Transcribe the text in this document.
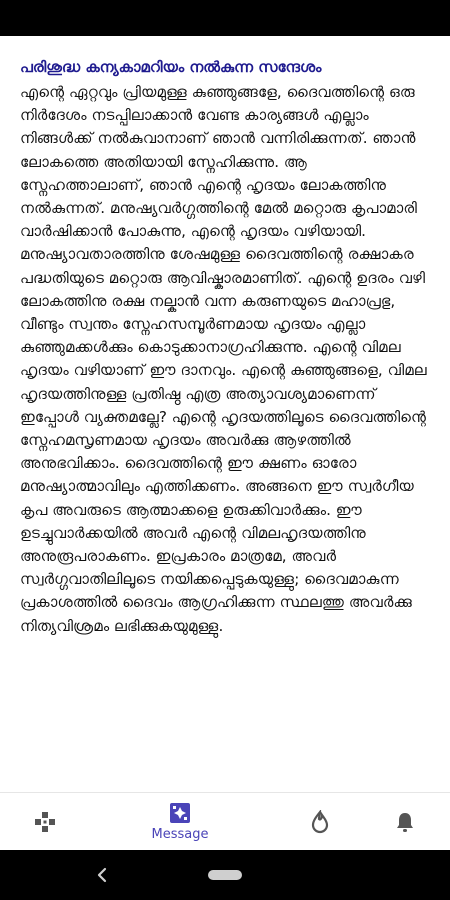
പരിശുദ്ധ കന്യകാമറിയം നൽകുന്ന സന്ദേശം
എന്റെ ഏറ്റവും പ്രിയമുള്ള കുഞ്ഞുങ്ങളേ, ദൈവത്തിന്റെ ഒരു നിർദേശം നടപ്പിലാക്കാൻ വേണ്ട കാര്യങ്ങൾ എല്ലാം നിങ്ങൾക്ക് നൽകുവാനാണ് ഞാൻ വന്നിരിക്കുന്നത്. ഞാൻ ലോകത്തെ അതിയായി സ്നേഹിക്കുന്നു. ആ സ്നേഹത്താലാണ്, ഞാൻ എന്റെ ഹൃദയം ലോകത്തിനു നൽകുന്നത്. മനുഷ്യവർഗ്ഗത്തിന്റെ മേൽ മറ്റൊരു കൃപാമാരി വാർഷിക്കാൻ പോകുന്നു, എന്റെ ഹൃദയം വഴിയായി. മനുഷ്യാവതാരത്തിനു ശേഷമുള്ള ദൈവത്തിന്റെ രക്ഷാകര പദ്ധതിയുടെ മറ്റൊരു ആവിഷ്കാരമാണിത്. എന്റെ ഉദരം വഴി ലോകത്തിനു രക്ഷ നല്കാൻ വന്ന കരുണയുടെ മഹാപ്രഭു, വീണ്ടും സ്വന്തം സ്നേഹസമ്പൂർണമായ ഹൃദയം എല്ലാ കുഞ്ഞുമക്കൾക്കും കൊടുക്കാനാഗ്രഹിക്കുന്നു. എന്റെ വിമല ഹൃദയം വഴിയാണ് ഈ ദാനവും. എന്റെ കുഞ്ഞുങ്ങളെ, വിമല ഹൃദയത്തിനുള്ള പ്രതിഷ്ഠ എത്ര അത്യാവശ്യമാണെന്ന് ഇപ്പോൾ വ്യക്തമല്ലേ? എന്റെ ഹൃദയത്തിലൂടെ ദൈവത്തിന്റെ സ്നേഹമസൃണമായ ഹൃദയം അവർക്കു ആഴത്തിൽ അനുഭവിക്കാം. ദൈവത്തിന്റെ ഈ ക്ഷണം ഓരോ മനുഷ്യാത്മാവിലും എത്തിക്കണം. അങ്ങനെ ഈ സ്വർഗീയ കൃപ അവരുടെ ആത്മാക്കളെ ഉരുക്കിവാർക്കും. ഈ ഉടച്ചുവാർക്കയിൽ അവർ എന്റെ വിമലഹൃദയത്തിനു അനുരൂപരാകണം. ഇപ്രകാരം മാത്രമേ, അവർ സ്വർഗ്ഗവാതിലിലൂടെ നയിക്കപ്പെടുകയുള്ളു; ദൈവമാകുന്ന പ്രകാശത്തിൽ ദൈവം ആഗ്രഹിക്കുന്ന സ്ഥലത്തു അവർക്കു നിത്യവിശ്രമം ലഭിക്കുകയുമുള്ളു.
Message
